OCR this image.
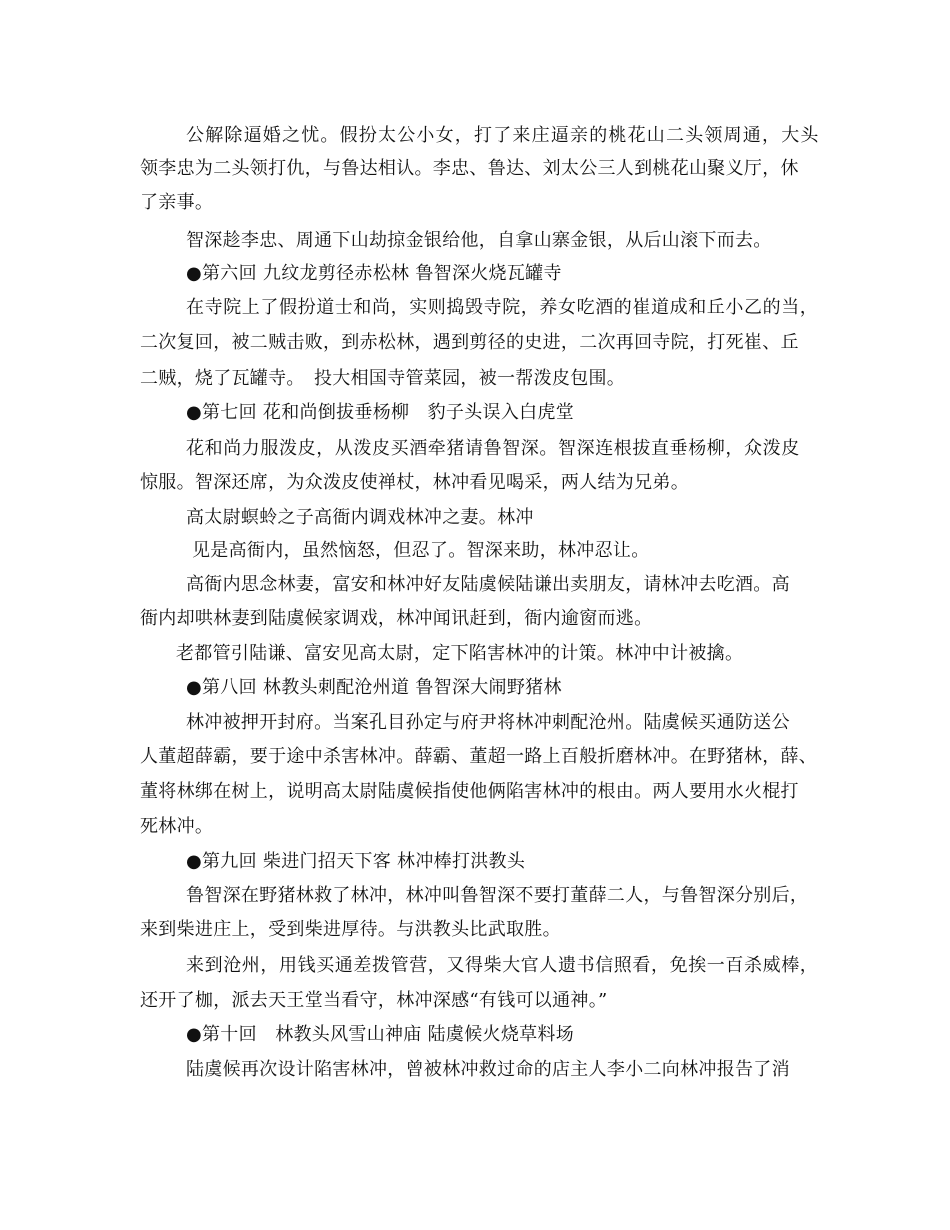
公解除逼婚之忧。假扮太公小女，打了来庄逼亲的桃花山二头领周通，大头
领李忠为二头领打仇，与鲁达相认。李忠、鲁达、刘太公三人到桃花山聚义厅，休
了亲事。
智深趁李忠、周通下山劫掠金银给他，自拿山寨金银，从后山滚下而去。
●第六回 九纹龙剪径赤松林 鲁智深火烧瓦罐寺
在寺院上了假扮道士和尚，实则捣毁寺院，养女吃酒的崔道成和丘小乙的当，
二次复回，被二贼击败，到赤松林，遇到剪径的史进，二次再回寺院，打死崔、丘
二贼，烧了瓦罐寺。　投大相国寺管菜园，被一帮泼皮包围。
●第七回 花和尚倒拔垂杨柳　豹子头误入白虎堂
花和尚力服泼皮，从泼皮买酒牵猪请鲁智深。智深连根拔直垂杨柳，众泼皮
惊服。智深还席，为众泼皮使禅杖，林冲看见喝采，两人结为兄弟。
高太尉螟蛉之子高衙内调戏林冲之妻。林冲
见是高衙内，虽然恼怒，但忍了。智深来助，林冲忍让。
高衙内思念林妻，富安和林冲好友陆虞候陆谦出卖朋友，请林冲去吃酒。高
衙内却哄林妻到陆虞候家调戏，林冲闻讯赶到，衙内逾窗而逃。
老都管引陆谦、富安见高太尉，定下陷害林冲的计策。林冲中计被擒。
●第八回 林教头刺配沧州道 鲁智深大闹野猪林
林冲被押开封府。当案孔目孙定与府尹将林冲刺配沧州。陆虞候买通防送公
人董超薛霸，要于途中杀害林冲。薛霸、董超一路上百般折磨林冲。在野猪林，薛、
董将林绑在树上，说明高太尉陆虞候指使他俩陷害林冲的根由。两人要用水火棍打
死林冲。
●第九回 柴进门招天下客 林冲棒打洪教头
鲁智深在野猪林救了林冲，林冲叫鲁智深不要打董薛二人，与鲁智深分别后，
来到柴进庄上，受到柴进厚待。与洪教头比武取胜。
来到沧州，用钱买通差拨管营，又得柴大官人遗书信照看，免挨一百杀威棒，
还开了枷，派去天王堂当看守，林冲深感“有钱可以通神。”
●第十回　林教头风雪山神庙 陆虞候火烧草料场
陆虞候再次设计陷害林冲，曾被林冲救过命的店主人李小二向林冲报告了消
